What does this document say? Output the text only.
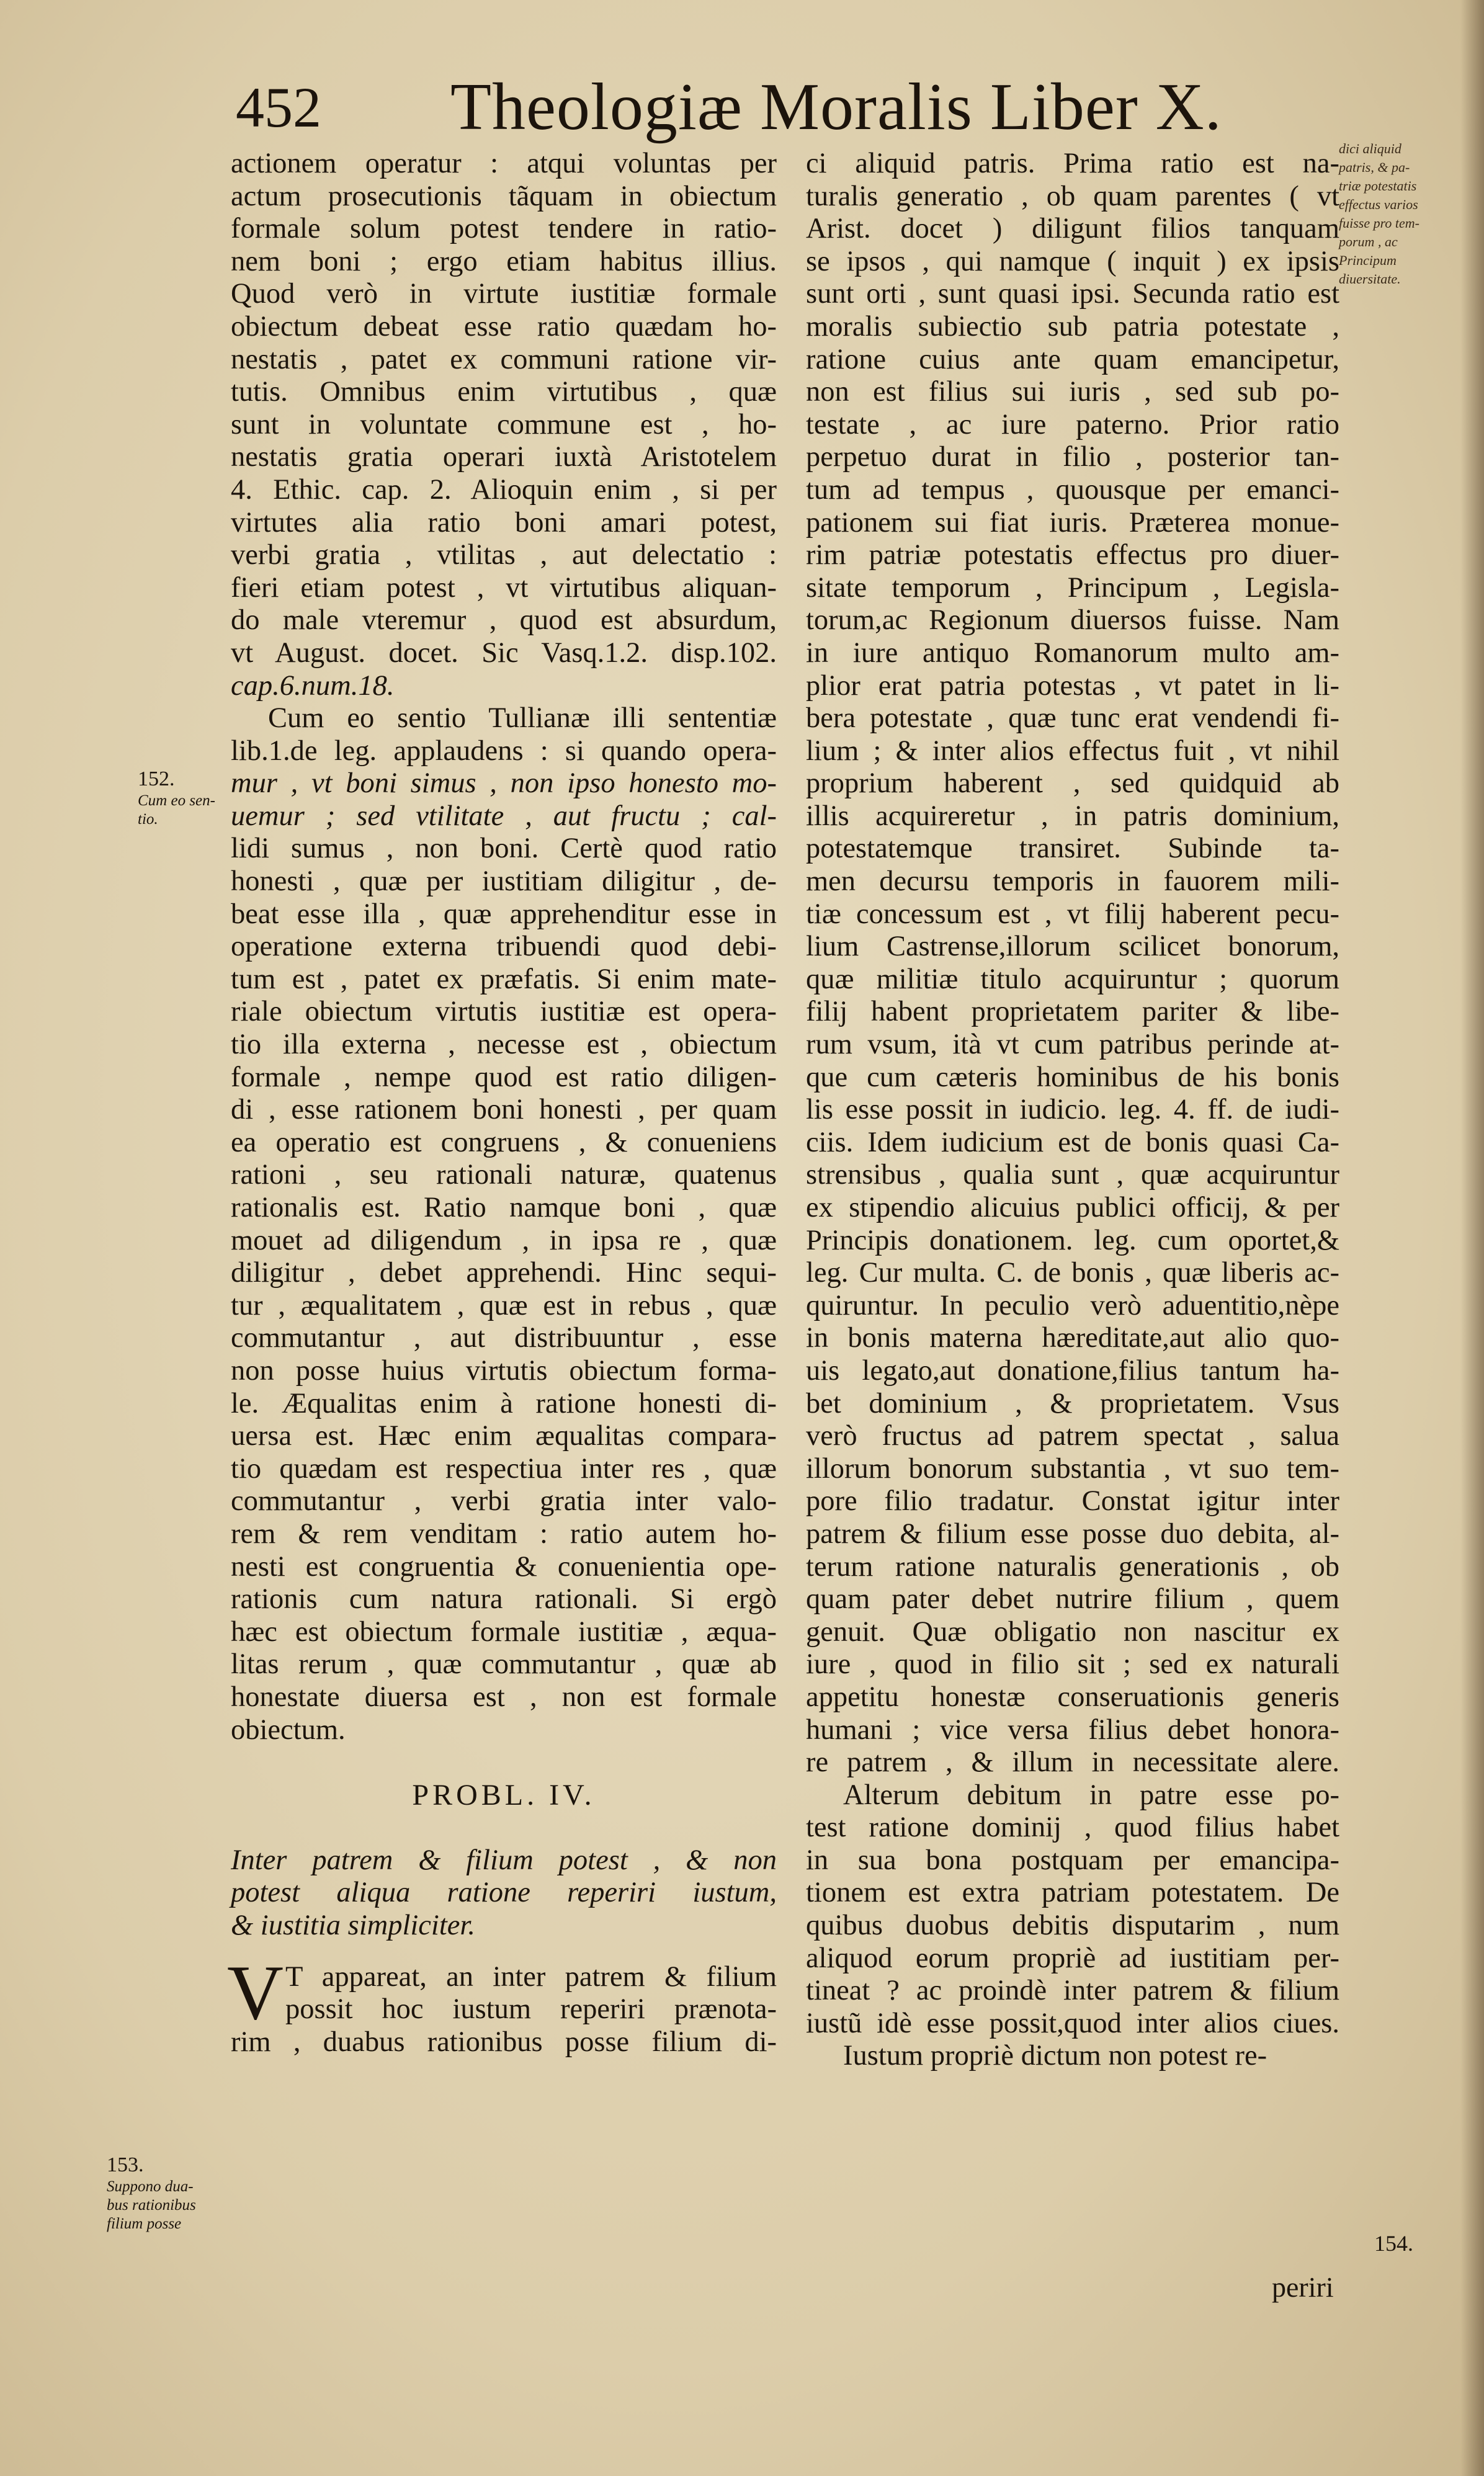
452 Theologiæ Moralis Liber X.
actionem operatur : atqui voluntas per
actum prosecutionis tãquam in obiectum
formale solum potest tendere in ratio-
nem boni ; ergo etiam habitus illius.
Quod verò in virtute iustitiæ formale
obiectum debeat esse ratio quædam ho-
nestatis , patet ex communi ratione vir-
tutis. Omnibus enim virtutibus , quæ
sunt in voluntate commune est , ho-
nestatis gratia operari iuxtà Aristotelem
4. Ethic. cap. 2. Alioquin enim , si per
virtutes alia ratio boni amari potest,
verbi gratia , vtilitas , aut delectatio :
fieri etiam potest , vt virtutibus aliquan-
do male vteremur , quod est absurdum,
vt August. docet. Sic Vasq.1.2. disp.102.
cap.6.num.18.
Cum eo sentio Tullianæ illi sententiæ
lib.1.de leg. applaudens : si quando opera-
mur , vt boni simus , non ipso honesto mo-
uemur ; sed vtilitate , aut fructu ; cal-
lidi sumus , non boni. Certè quod ratio
honesti , quæ per iustitiam diligitur , de-
beat esse illa , quæ apprehenditur esse in
operatione externa tribuendi quod debi-
tum est , patet ex præfatis. Si enim mate-
riale obiectum virtutis iustitiæ est opera-
tio illa externa , necesse est , obiectum
formale , nempe quod est ratio diligen-
di , esse rationem boni honesti , per quam
ea operatio est congruens , & conueniens
rationi , seu rationali naturæ, quatenus
rationalis est. Ratio namque boni , quæ
mouet ad diligendum , in ipsa re , quæ
diligitur , debet apprehendi. Hinc sequi-
tur , æqualitatem , quæ est in rebus , quæ
commutantur , aut distribuuntur , esse
non posse huius virtutis obiectum forma-
le. Æqualitas enim à ratione honesti di-
uersa est. Hæc enim æqualitas compara-
tio quædam est respectiua inter res , quæ
commutantur , verbi gratia inter valo-
rem & rem venditam : ratio autem ho-
nesti est congruentia & conuenientia ope-
rationis cum natura rationali. Si ergò
hæc est obiectum formale iustitiæ , æqua-
litas rerum , quæ commutantur , quæ ab
honestate diuersa est , non est formale
obiectum.
PROBL. IV.
Inter patrem & filium potest , & non
potest aliqua ratione reperiri iustum,
& iustitia simpliciter.
V T appareat, an inter patrem & filium
possit hoc iustum reperiri prænota-
rim , duabus rationibus posse filium di-
ci aliquid patris. Prima ratio est na-
turalis generatio , ob quam parentes ( vt
Arist. docet ) diligunt filios tanquam
se ipsos , qui namque ( inquit ) ex ipsis
sunt orti , sunt quasi ipsi. Secunda ratio est
moralis subiectio sub patria potestate ,
ratione cuius ante quam emancipetur,
non est filius sui iuris , sed sub po-
testate , ac iure paterno. Prior ratio
perpetuo durat in filio , posterior tan-
tum ad tempus , quousque per emanci-
pationem sui fiat iuris. Præterea monue-
rim patriæ potestatis effectus pro diuer-
sitate temporum , Principum , Legisla-
torum,ac Regionum diuersos fuisse. Nam
in iure antiquo Romanorum multo am-
plior erat patria potestas , vt patet in li-
bera potestate , quæ tunc erat vendendi fi-
lium ; & inter alios effectus fuit , vt nihil
proprium haberent , sed quidquid ab
illis acquireretur , in patris dominium,
potestatemque transiret. Subinde ta-
men decursu temporis in fauorem mili-
tiæ concessum est , vt filij haberent pecu-
lium Castrense,illorum scilicet bonorum,
quæ militiæ titulo acquiruntur ; quorum
filij habent proprietatem pariter & libe-
rum vsum, ità vt cum patribus perinde at-
que cum cæteris hominibus de his bonis
lis esse possit in iudicio. leg. 4. ff. de iudi-
ciis. Idem iudicium est de bonis quasi Ca-
strensibus , qualia sunt , quæ acquiruntur
ex stipendio alicuius publici officij, & per
Principis donationem. leg. cum oportet,&
leg. Cur multa. C. de bonis , quæ liberis ac-
quiruntur. In peculio verò aduentitio,nèpe
in bonis materna hæreditate,aut alio quo-
uis legato,aut donatione,filius tantum ha-
bet dominium , & proprietatem. Vsus
verò fructus ad patrem spectat , salua
illorum bonorum substantia , vt suo tem-
pore filio tradatur. Constat igitur inter
patrem & filium esse posse duo debita, al-
terum ratione naturalis generationis , ob
quam pater debet nutrire filium , quem
genuit. Quæ obligatio non nascitur ex
iure , quod in filio sit ; sed ex naturali
appetitu honestæ conseruationis generis
humani ; vice versa filius debet honora-
re patrem , & illum in necessitate alere.
Alterum debitum in patre esse po-
test ratione dominij , quod filius habet
in sua bona postquam per emancipa-
tionem est extra patriam potestatem. De
quibus duobus debitis disputarim , num
aliquod eorum propriè ad iustitiam per-
tineat ? ac proindè inter patrem & filium
iustũ idè esse possit,quod inter alios ciues.
Iustum propriè dictum non potest re-
152.
Cum eo sen-
tio.
153.
Suppono dua-
bus rationibus
filium posse
dici aliquid
patris, & pa-
triæ potestatis
effectus varios
fuisse pro tem-
porum , ac
Principum
diuersitate.
154.
periri
